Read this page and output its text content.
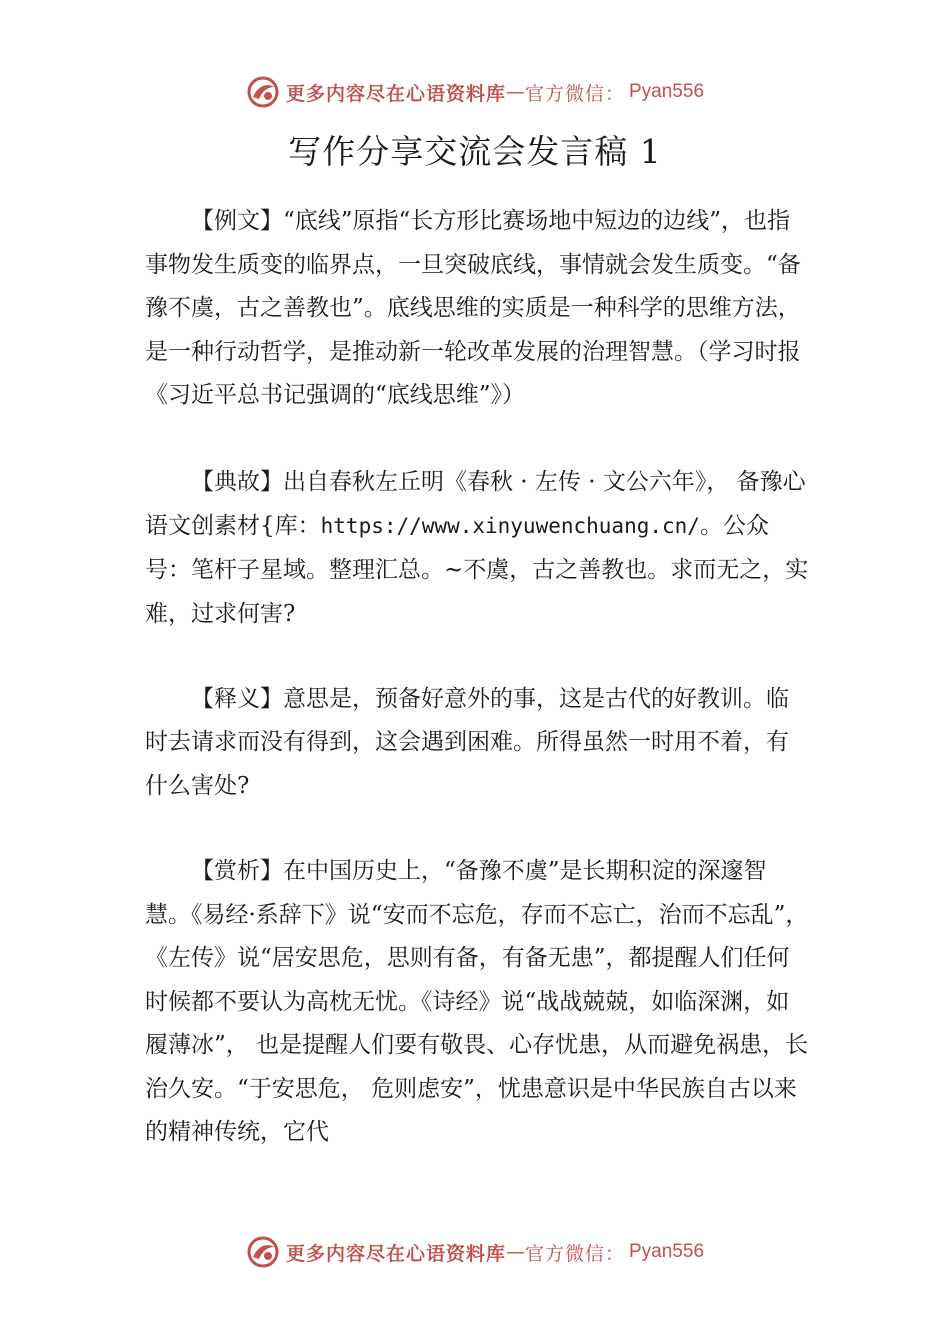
更多内容尽在心语资料库 — 官方微信： Pyan556
写作分享交流会发言稿 1

【例文】“底线”原指“长方形比赛场地中短边的边线”，也指事物发生质变的临界点，一旦突破底线，事情就会发生质变。“备豫不虞，古之善教也”。底线思维的实质是一种科学的思维方法，是一种行动哲学，是推动新一轮改革发展的治理智慧。（学习时报《习近平总书记强调的“底线思维”》）

【典故】出自春秋左丘明《春秋 · 左传 · 文公六年》， 备豫心语文创素材{库：https://www.xinyuwenchuang.cn/。公众号：笔杆子星域。整理汇总。~不虞，古之善教也。求而无之，实难，过求何害?

【释义】意思是，预备好意外的事，这是古代的好教训。临时去请求而没有得到，这会遇到困难。所得虽然一时用不着，有什么害处?

【赏析】在中国历史上，“备豫不虞”是长期积淀的深邃智慧。《易经·系辞下》说“安而不忘危，存而不忘亡，治而不忘乱”，《左传》说“居安思危，思则有备，有备无患”，都提醒人们任何时候都不要认为高枕无忧。《诗经》说“战战兢兢，如临深渊，如履薄冰”， 也是提醒人们要有敬畏、心存忧患，从而避免祸患，长治久安。“于安思危， 危则虑安”，忧患意识是中华民族自古以来的精神传统，它代

更多内容尽在心语资料库 — 官方微信： Pyan556
